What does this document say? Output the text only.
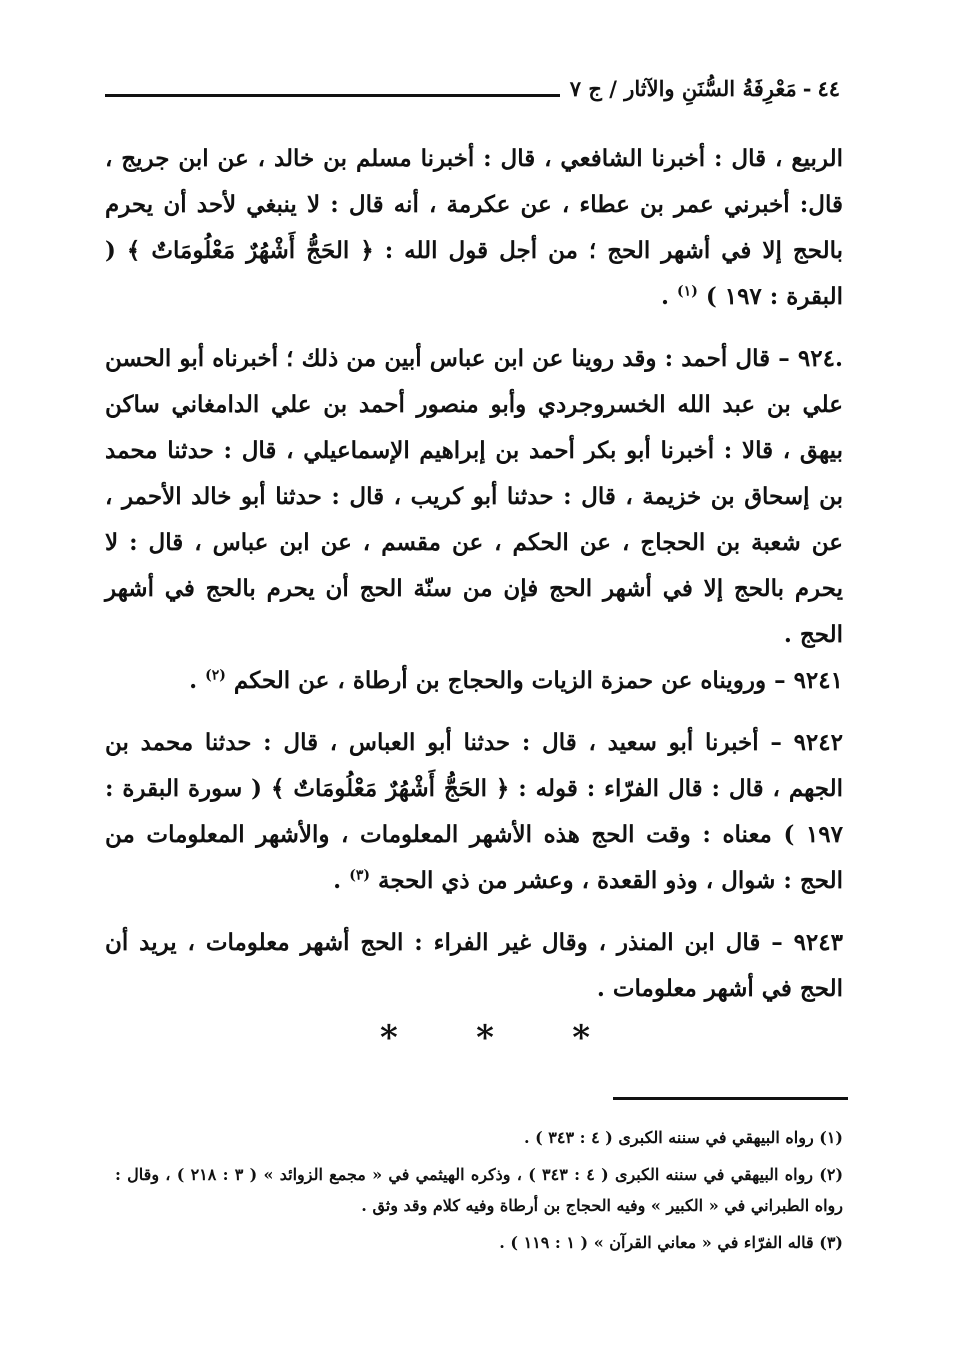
٤٤
-
مَعْرِفَةُ السُّنَنِ والآثار / ج ٧

الربيع ، قال : أخبرنا الشافعي ، قال : أخبرنا مسلم بن خالد ، عن ابن جريج ، قال: أخبرني عمر بن عطاء ، عن عكرمة ، أنه قال : لا ينبغي لأحد أن يحرم بالحج إلا في أشهر الحج ؛ من أجل قول الله : ﴿ الحَجُّ أَشْهُرٌ مَعْلُومَاتٌ ﴾ ( البقرة : ١٩٧ ) $^{(١)}$ .

.٩٢٤ – قال أحمد : وقد روينا عن ابن عباس أبين من ذلك ؛ أخبرناه أبو الحسن علي بن عبد الله الخسروجردي وأبو منصور أحمد بن علي الدامغاني ساكن بيهق ، قالا : أخبرنا أبو بكر أحمد بن إبراهيم الإسماعيلي ، قال : حدثنا محمد بن إسحاق بن خزيمة ، قال : حدثنا أبو كريب ، قال : حدثنا أبو خالد الأحمر ، عن شعبة بن الحجاج ، عن الحكم ، عن مقسم ، عن ابن عباس ، قال : لا يحرم بالحج إلا في أشهر الحج فإن من سنّة الحج أن يحرم بالحج في أشهر الحج .

٩٢٤١ – ورويناه عن حمزة الزيات والحجاج بن أرطاة ، عن الحكم $^{(٢)}$ .

٩٢٤٢ – أخبرنا أبو سعيد ، قال : حدثنا أبو العباس ، قال : حدثنا محمد بن الجهم ، قال : قال الفرّاء : قوله : ﴿ الحَجُّ أَشْهُرٌ مَعْلُومَاتٌ ﴾ ( سورة البقرة : ١٩٧ ) معناه : وقت الحج هذه الأشهر المعلومات ، والأشهر المعلومات من الحج : شوال ، وذو القعدة ، وعشر من ذي الحجة $^{(٣)}$ .

٩٢٤٣ – قال ابن المنذر ، وقال غير الفراء : الحج أشهر معلومات ، يريد أن الحج في أشهر معلومات .

* * *

(١) رواه البيهقي في سننه الكبرى ( ٤ : ٣٤٣ ) .

(٢) رواه البيهقي في سننه الكبرى ( ٤ : ٣٤٣ ) ، وذكره الهيثمي في « مجمع الزوائد » ( ٣ : ٢١٨ ) ، وقال : رواه الطبراني في « الكبير » وفيه الحجاج بن أرطاة وفيه كلام وقد وثق .

(٣) قاله الفرّاء في « معاني القرآن » ( ١ : ١١٩ ) .
